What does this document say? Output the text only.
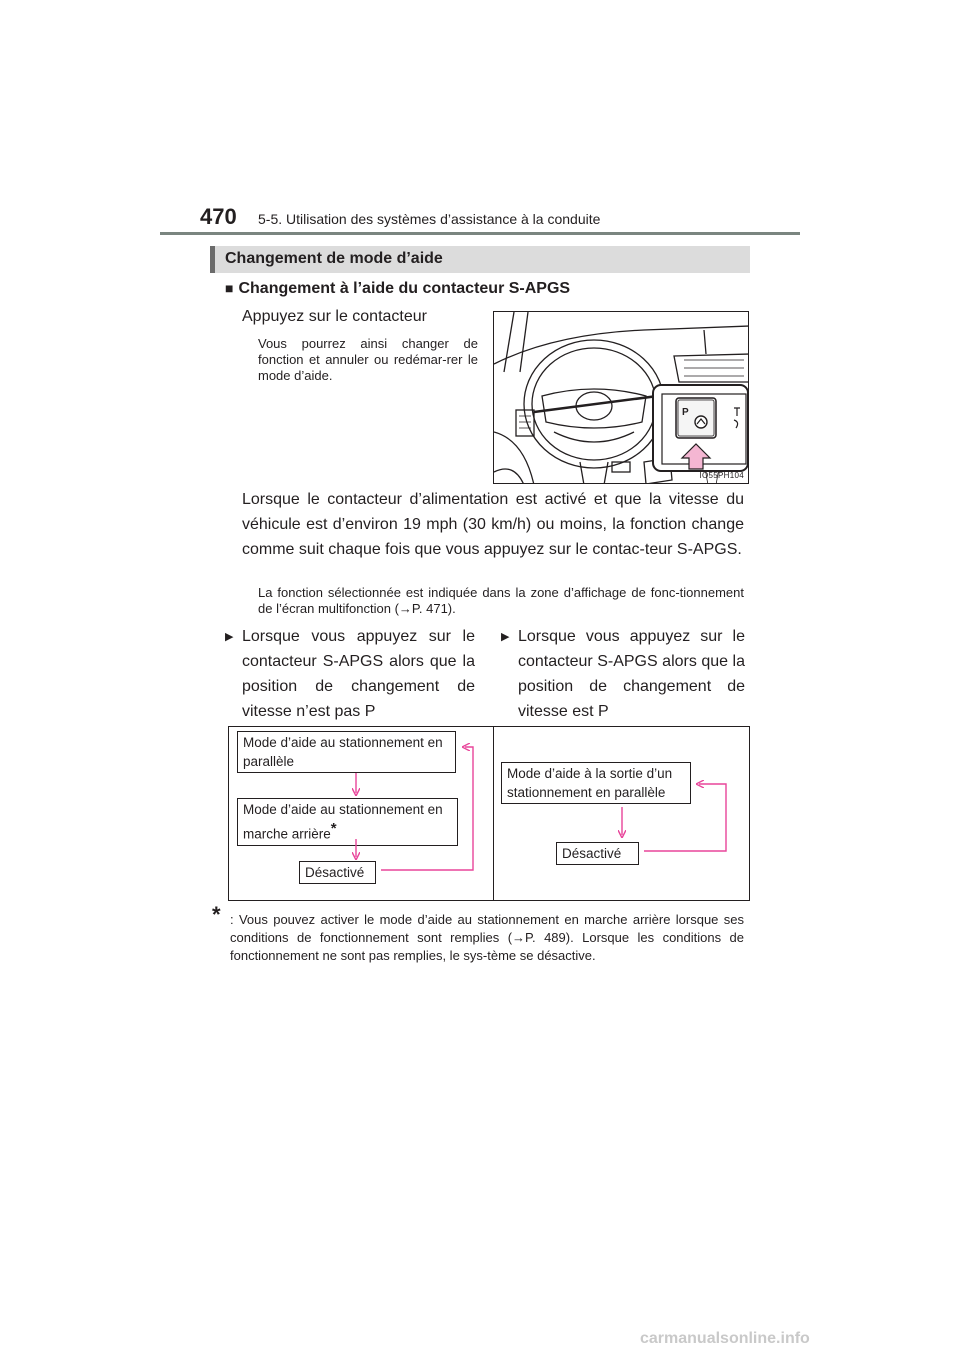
470 5-5. Utilisation des systèmes d’assistance à la conduite
Changement de mode d’aide
■ Changement à l’aide du contacteur S-APGS
Appuyez sur le contacteur
Vous pourrez ainsi changer de fonction et annuler ou redémar-rer le mode d’aide.
P
IO55PH104
Lorsque le contacteur d’alimentation est activé et que la vitesse du véhicule est d’environ 19 mph (30 km/h) ou moins, la fonction change comme suit chaque fois que vous appuyez sur le contac-teur S-APGS.
La fonction sélectionnée est indiquée dans la zone d’affichage de fonc-tionnement de l’écran multifonction (→P. 471).
▶ Lorsque vous appuyez sur le contacteur S-APGS alors que la position de changement de vitesse n’est pas P
▶ Lorsque vous appuyez sur le contacteur S-APGS alors que la position de changement de vitesse est P
Mode d’aide au stationnement en parallèle
Mode d’aide au stationnement en marche arrière*
Désactivé
Mode d’aide à la sortie d’un stationnement en parallèle
Désactivé
* : Vous pouvez activer le mode d’aide au stationnement en marche arrière lorsque ses conditions de fonctionnement sont remplies (→P. 489). Lorsque les conditions de fonctionnement ne sont pas remplies, le sys-tème se désactive.
carmanualsonline.info
